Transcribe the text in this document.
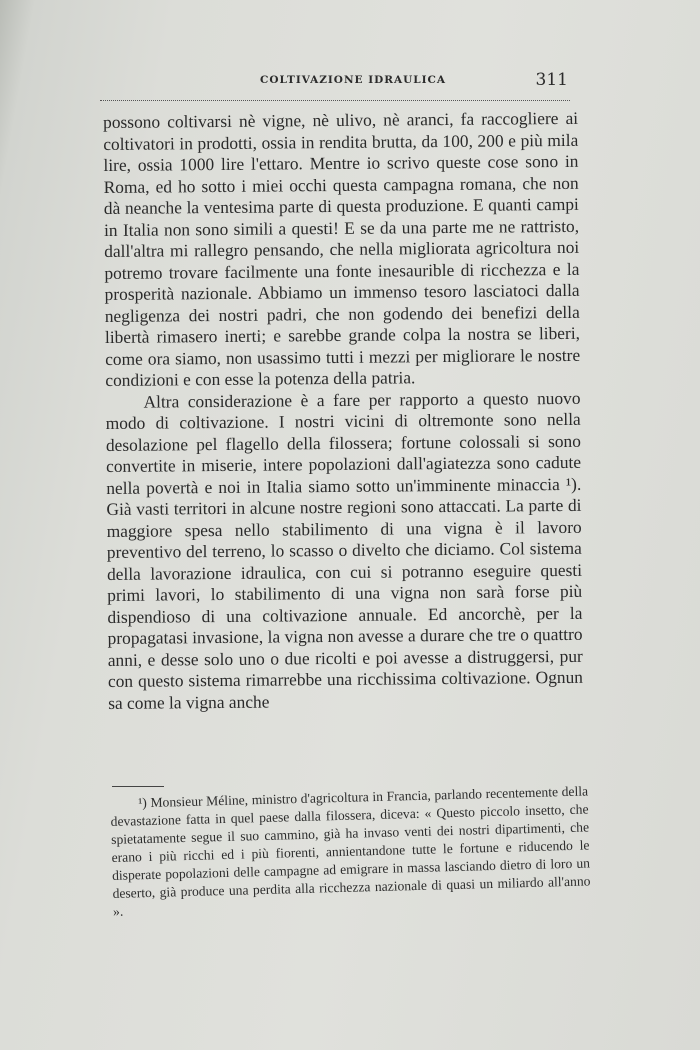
COLTIVAZIONE IDRAULICA	311

possono coltivarsi nè vigne, nè ulivo, nè aranci, fa raccogliere ai coltivatori in prodotti, ossia in rendita brutta, da 100, 200 e più mila lire, ossia 1000 lire l'ettaro. Mentre io scrivo queste cose sono in Roma, ed ho sotto i miei occhi questa campagna romana, che non dà neanche la ventesima parte di questa produzione. E quanti campi in Italia non sono simili a questi! E se da una parte me ne rattristo, dall'altra mi rallegro pensando, che nella migliorata agricoltura noi potremo trovare facilmente una fonte inesaurible di ricchezza e la prosperità nazionale. Abbiamo un immenso tesoro lasciatoci dalla negligenza dei nostri padri, che non godendo dei benefizi della libertà rimasero inerti; e sarebbe grande colpa la nostra se liberi, come ora siamo, non usassimo tutti i mezzi per migliorare le nostre condizioni e con esse la potenza della patria.

Altra considerazione è a fare per rapporto a questo nuovo modo di coltivazione. I nostri vicini di oltremonte sono nella desolazione pel flagello della filossera; fortune colossali si sono convertite in miserie, intere popolazioni dall'agiatezza sono cadute nella povertà e noi in Italia siamo sotto un'imminente minaccia ¹). Già vasti territori in alcune nostre regioni sono attaccati. La parte di maggiore spesa nello stabilimento di una vigna è il lavoro preventivo del terreno, lo scasso o divelto che diciamo. Col sistema della lavorazione idraulica, con cui si potranno eseguire questi primi lavori, lo stabilimento di una vigna non sarà forse più dispendioso di una coltivazione annuale. Ed ancorchè, per la propagatasi invasione, la vigna non avesse a durare che tre o quattro anni, e desse solo uno o due ricolti e poi avesse a distruggersi, pur con questo sistema rimarrebbe una ricchissima coltivazione. Ognun sa come la vigna anche

¹) Monsieur Méline, ministro d'agricoltura in Francia, parlando recentemente della devastazione fatta in quel paese dalla filossera, diceva: « Questo piccolo insetto, che spietatamente segue il suo cammino, già ha invaso venti dei nostri dipartimenti, che erano i più ricchi ed i più fiorenti, annientandone tutte le fortune e riducendo le disperate popolazioni delle campagne ad emigrare in massa lasciando dietro di loro un deserto, già produce una perdita alla ricchezza nazionale di quasi un miliardo all'anno ».
